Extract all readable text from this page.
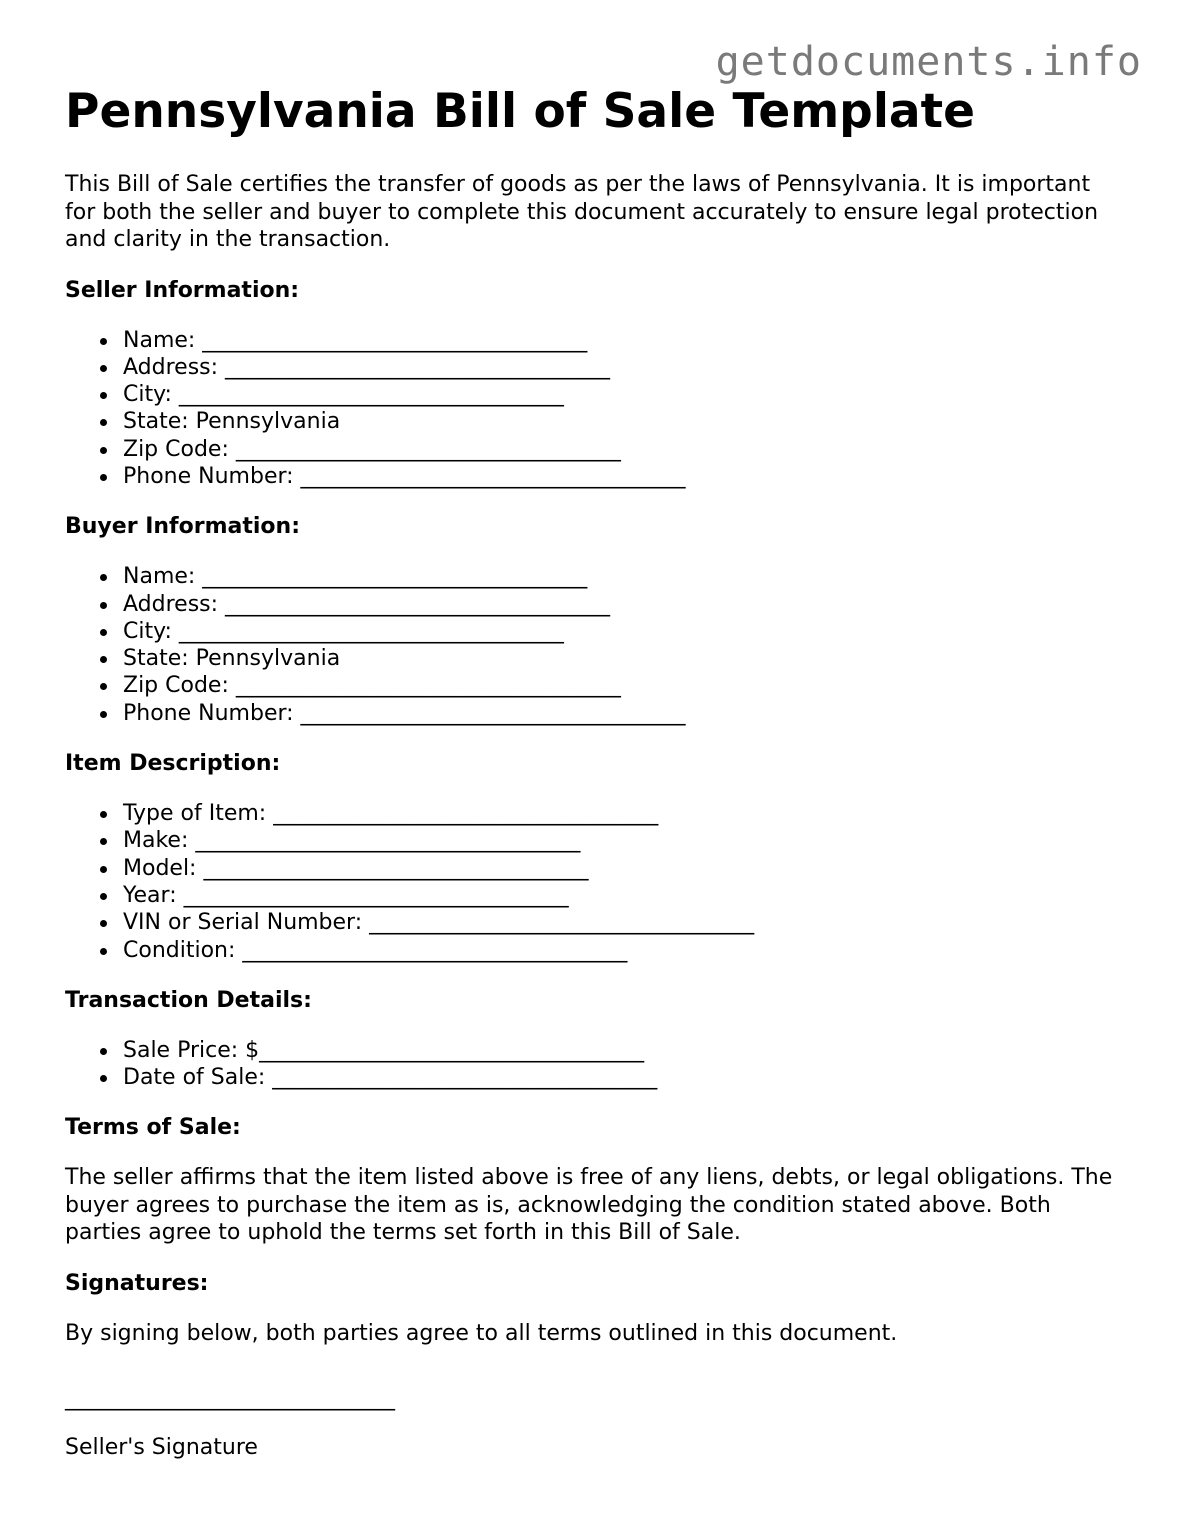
getdocuments.info
Pennsylvania Bill of Sale Template

This Bill of Sale certifies the transfer of goods as per the laws of Pennsylvania. It is important for both the seller and buyer to complete this document accurately to ensure legal protection and clarity in the transaction.

Seller Information:
Name: ___________________________________
Address: ___________________________________
City: ___________________________________
State: Pennsylvania
Zip Code: ___________________________________
Phone Number: ___________________________________
Buyer Information:
Name: ___________________________________
Address: ___________________________________
City: ___________________________________
State: Pennsylvania
Zip Code: ___________________________________
Phone Number: ___________________________________
Item Description:
Type of Item: ___________________________________
Make: ___________________________________
Model: ___________________________________
Year: ___________________________________
VIN or Serial Number: ___________________________________
Condition: ___________________________________
Transaction Details:
Sale Price: $___________________________________
Date of Sale: ___________________________________
Terms of Sale:

The seller affirms that the item listed above is free of any liens, debts, or legal obligations. The buyer agrees to purchase the item as is, acknowledging the condition stated above. Both parties agree to uphold the terms set forth in this Bill of Sale.

Signatures:

By signing below, both parties agree to all terms outlined in this document.

______________________________
Seller's Signature
